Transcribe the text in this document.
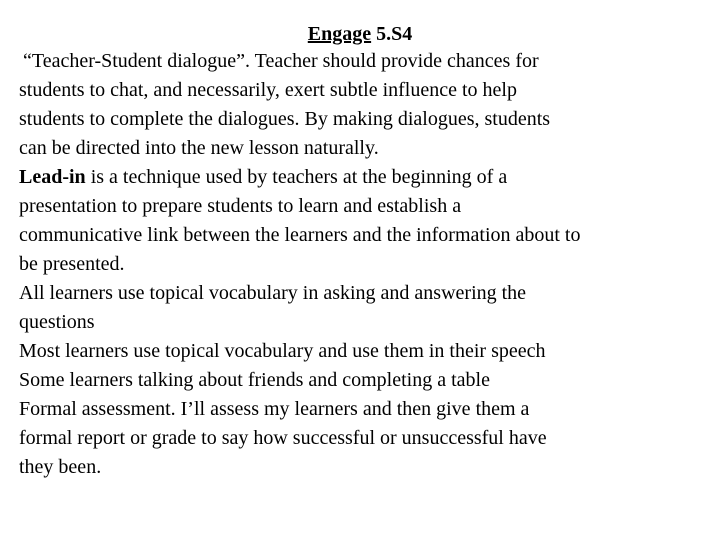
Engage 5.S4
“Teacher-Student dialogue”. Teacher should provide chances for
students to chat, and necessarily, exert subtle influence to help
students to complete the dialogues. By making dialogues, students
can be directed into the new lesson naturally.
Lead-in is a technique used by teachers at the beginning of a
presentation to prepare students to learn and establish a
communicative link between the learners and the information about to
be presented.
All learners use topical vocabulary in asking and answering the
questions
Most learners use topical vocabulary and use them in their speech
Some learners talking about friends and completing a table
Formal assessment. I’ll assess my learners and then give them a
formal report or grade to say how successful or unsuccessful have
they been.
